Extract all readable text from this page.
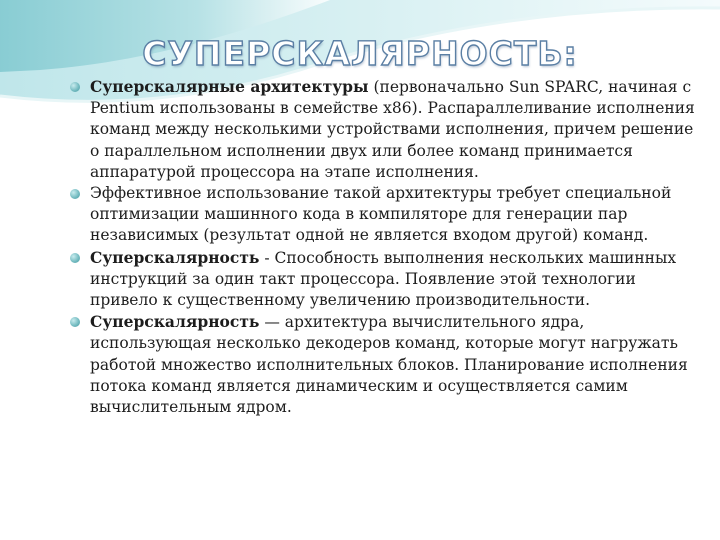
СУПЕРСКАЛЯРНОСТЬ:

Суперскалярные архитектуры (первоначально Sun SPARC, начиная с Pentium использованы в семействе x86). Распараллеливание исполнения команд между несколькими устройствами исполнения, причем решение о параллельном исполнении двух или более команд принимается аппаратурой процессора на этапе исполнения.

Эффективное использование такой архитектуры требует специальной оптимизации машинного кода в компиляторе для генерации пар независимых (результат одной не является входом другой) команд.

Суперскалярность - Способность выполнения нескольких машинных инструкций за один такт процессора. Появление этой технологии привело к существенному увеличению производительности.

Суперскалярность — архитектура вычислительного ядра, использующая несколько декодеров команд, которые могут нагружать работой множество исполнительных блоков. Планирование исполнения потока команд является динамическим и осуществляется самим вычислительным ядром.
